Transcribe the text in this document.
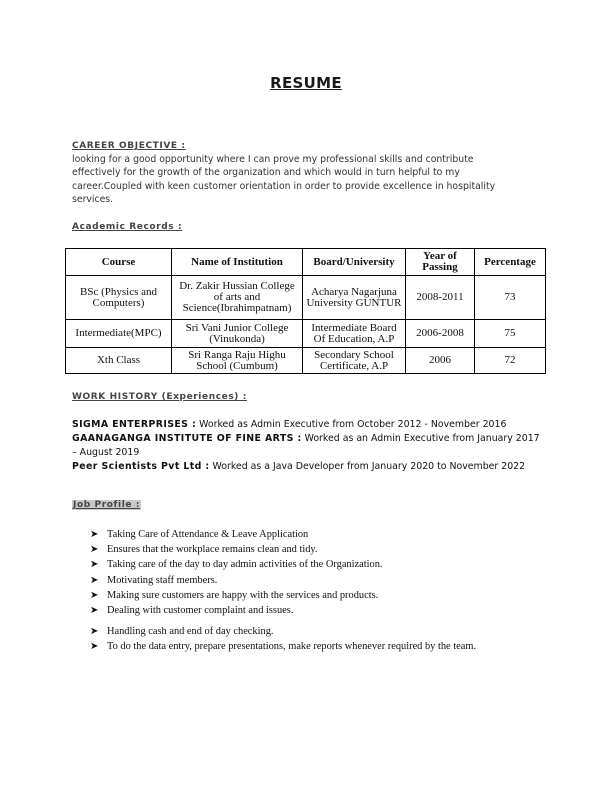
RESUME
CAREER OBJECTIVE :
looking for a good opportunity where I can prove my professional skills and contribute
effectively for the growth of the organization and which would in turn helpful to my
career.Coupled with keen customer orientation in order to provide excellence in hospitality
services.
Academic Records :
Course	Name of Institution	Board/University	Year of Passing	Percentage
BSc (Physics and Computers)	Dr. Zakir Hussian College of arts and Science(Ibrahimpatnam)	Acharya Nagarjuna University GUNTUR	2008-2011	73
Intermediate(MPC)	Sri Vani Junior College (Vinukonda)	Intermediate Board Of Education, A.P	2006-2008	75
Xth Class	Sri Ranga Raju Highu School (Cumbum)	Secondary School Certificate, A.P	2006	72
WORK HISTORY (Experiences) :
SIGMA ENTERPRISES : Worked as Admin Executive from October 2012 - November 2016
GAANAGANGA INSTITUTE OF FINE ARTS : Worked as an Admin Executive from January 2017 – August 2019
Peer Scientists Pvt Ltd : Worked as a Java Developer from January 2020 to November 2022
Job Profile :
➤ Taking Care of Attendance & Leave Application
➤ Ensures that the workplace remains clean and tidy.
➤ Taking care of the day to day admin activities of the Organization.
➤ Motivating staff members.
➤ Making sure customers are happy with the services and products.
➤ Dealing with customer complaint and issues.
➤ Handling cash and end of day checking.
➤ To do the data entry, prepare presentations, make reports whenever required by the team.
